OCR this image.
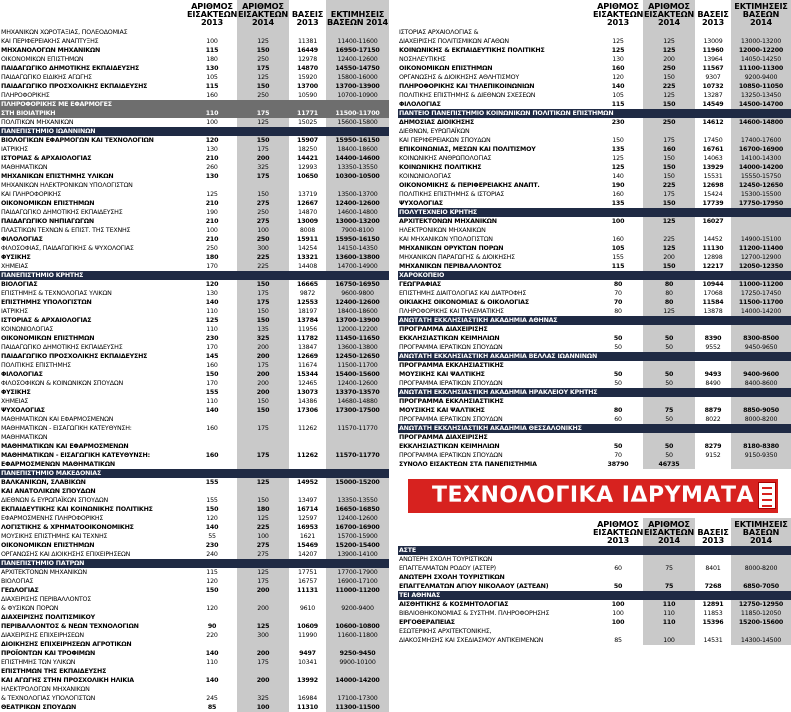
	ΑΡΙΘΜΟΣ ΕΙΣΑΚΤΕΩΝ 2013	ΑΡΙΘΜΟΣ ΕΙΣΑΚΤΕΩΝ 2014	ΒΑΣΕΙΣ 2013	ΕΚΤΙΜΗΣΕΙΣ ΒΑΣΕΩΝ 2014
ΜΗΧΑΝΙΚΩΝ ΧΩΡΟΤΑΞΙΑΣ, ΠΟΛΕΟΔΟΜΙΑΣ				
ΚΑΙ ΠΕΡΙΦΕΡΕΙΑΚΗΣ ΑΝΑΠΤΥΞΗΣ	100	125	11381	11400-11600
ΜΗΧΑΝΟΛΟΓΩΝ ΜΗΧΑΝΙΚΩΝ	115	150	16449	16950-17150
ΟΙΚΟΝΟΜΙΚΩΝ ΕΠΙΣΤΗΜΩΝ	180	250	12978	12400-12600
ΠΑΙΔΑΓΩΓΙΚΟ ΔΗΜΟΤΙΚΗΣ ΕΚΠΑΙΔΕΥΣΗΣ	130	175	14870	14550-14750
ΠΑΙΔΑΓΩΓΙΚΟ ΕΙΔΙΚΗΣ ΑΓΩΓΗΣ	105	125	15920	15800-16000
ΠΑΙΔΑΓΩΓΙΚΟ ΠΡΟΣΧΟΛΙΚΗΣ ΕΚΠΑΙΔΕΥΣΗΣ	115	150	13700	13700-13900
ΠΛΗΡΟΦΟΡΙΚΗΣ	160	250	10590	10700-10900
ΠΛΗΡΟΦΟΡΙΚΗΣ ΜΕ ΕΦΑΡΜΟΓΕΣ				
ΣΤΗ ΒΙΟΙΑΤΡΙΚΗ	110	175	11771	11500-11700
ΠΟΛΙΤΙΚΩΝ ΜΗΧΑΝΙΚΩΝ	100	125	15025	15600-15800
ΠΑΝΕΠΙΣΤΗΜΙΟ ΙΩΑΝΝΙΝΩΝ				
ΒΙΟΛΟΓΙΚΩΝ ΕΦΑΡΜΟΓΩΝ ΚΑΙ ΤΕΧΝΟΛΟΓΙΩΝ	120	150	15907	15950-16150
ΙΑΤΡΙΚΗΣ	130	175	18250	18400-18600
ΙΣΤΟΡΙΑΣ & ΑΡΧΑΙΟΛΟΓΙΑΣ	210	200	14421	14400-14600
ΜΑΘΗΜΑΤΙΚΩΝ	260	325	12993	13350-13550
ΜΗΧΑΝΙΚΩΝ ΕΠΙΣΤΗΜΗΣ ΥΛΙΚΩΝ	130	175	10650	10300-10500
ΜΗΧΑΝΙΚΩΝ ΗΛΕΚΤΡΟΝΙΚΩΝ ΥΠΟΛΟΓΙΣΤΩΝ				
ΚΑΙ ΠΛΗΡΟΦΟΡΙΚΗΣ	125	150	13719	13500-13700
ΟΙΚΟΝΟΜΙΚΩΝ ΕΠΙΣΤΗΜΩΝ	210	275	12667	12400-12600
ΠΑΙΔΑΓΩΓΙΚΟ ΔΗΜΟΤΙΚΗΣ ΕΚΠΑΙΔΕΥΣΗΣ	190	250	14870	14600-14800
ΠΑΙΔΑΓΩΓΙΚΟ ΝΗΠΙΑΓΩΓΩΝ	210	275	13009	13000-13200
ΠΛΑΣΤΙΚΩΝ ΤΕΧΝΩΝ & ΕΠΙΣΤ. ΤΗΣ ΤΕΧΝΗΣ	100	100	8008	7900-8100
ΦΙΛΟΛΟΓΙΑΣ	210	250	15911	15950-16150
ΦΙΛΟΣΟΦΙΑΣ, ΠΑΙΔΑΓΩΓΙΚΗΣ & ΨΥΧΟΛΟΓΙΑΣ	250	300	14254	14150-14350
ΦΥΣΙΚΗΣ	180	225	13321	13600-13800
ΧΗΜΕΙΑΣ	170	225	14408	14700-14900
ΠΑΝΕΠΙΣΤΗΜΙΟ ΚΡΗΤΗΣ				
ΒΙΟΛΟΓΙΑΣ	120	150	16665	16750-16950
ΕΠΙΣΤΗΜΗΣ & ΤΕΧΝΟΛΟΓΙΑΣ ΥΛΙΚΩΝ	130	175	9872	9600-9800
ΕΠΙΣΤΗΜΗΣ ΥΠΟΛΟΓΙΣΤΩΝ	140	175	12553	12400-12600
ΙΑΤΡΙΚΗΣ	110	150	18197	18400-18600
ΙΣΤΟΡΙΑΣ & ΑΡΧΑΙΟΛΟΓΙΑΣ	125	150	13784	13700-13900
ΚΟΙΝΩΝΙΟΛΟΓΙΑΣ	110	135	11956	12000-12200
ΟΙΚΟΝΟΜΙΚΩΝ ΕΠΙΣΤΗΜΩΝ	230	325	11782	11450-11650
ΠΑΙΔΑΓΩΓΙΚΟ ΔΗΜΟΤΙΚΗΣ ΕΚΠΑΙΔΕΥΣΗΣ	170	200	13847	13600-13800
ΠΑΙΔΑΓΩΓΙΚΟ ΠΡΟΣΧΟΛΙΚΗΣ ΕΚΠΑΙΔΕΥΣΗΣ	145	200	12669	12450-12650
ΠΟΛΙΤΙΚΗΣ ΕΠΙΣΤΗΜΗΣ	160	175	11674	11500-11700
ΦΙΛΟΛΟΓΙΑΣ	150	200	15344	15400-15600
ΦΙΛΟΣΟΦΙΚΩΝ & ΚΟΙΝΩΝΙΚΩΝ ΣΠΟΥΔΩΝ	170	200	12465	12400-12600
ΦΥΣΙΚΗΣ	155	200	13073	13370-13570
ΧΗΜΕΙΑΣ	110	150	14386	14680-14880
ΨΥΧΟΛΟΓΙΑΣ	140	150	17306	17300-17500
ΜΑΘΗΜΑΤΙΚΩΝ ΚΑΙ ΕΦΑΡΜΟΣΜΕΝΩΝ				
ΜΑΘΗΜΑΤΙΚΩΝ - ΕΙΣΑΓΩΓΙΚΗ ΚΑΤΕΥΘΥΝΣΗ:	160	175	11262	11570-11770
ΜΑΘΗΜΑΤΙΚΩΝ				
ΜΑΘΗΜΑΤΙΚΩΝ ΚΑΙ ΕΦΑΡΜΟΣΜΕΝΩΝ				
ΜΑΘΗΜΑΤΙΚΩΝ - ΕΙΣΑΓΩΓΙΚΗ ΚΑΤΕΥΘΥΝΣΗ:	160	175	11262	11570-11770
ΕΦΑΡΜΟΣΜΕΝΩΝ ΜΑΘΗΜΑΤΙΚΩΝ				
ΠΑΝΕΠΙΣΤΗΜΙΟ ΜΑΚΕΔΟΝΙΑΣ				
ΒΑΛΚΑΝΙΚΩΝ, ΣΛΑΒΙΚΩΝ	155	125	14952	15000-15200
ΚΑΙ ΑΝΑΤΟΛΙΚΩΝ ΣΠΟΥΔΩΝ				
ΔΙΕΘΝΩΝ & ΕΥΡΩΠΑΪΚΩΝ ΣΠΟΥΔΩΝ	155	150	13497	13350-13550
ΕΚΠΑΙΔΕΥΤΙΚΗΣ ΚΑΙ ΚΟΙΝΩΝΙΚΗΣ ΠΟΛΙΤΙΚΗΣ	150	180	16714	16650-16850
ΕΦΑΡΜΟΣΜΕΝΗΣ ΠΛΗΡΟΦΟΡΙΚΗΣ	120	125	12597	12400-12600
ΛΟΓΙΣΤΙΚΗΣ & ΧΡΗΜΑΤΟΟΙΚΟΝΟΜΙΚΗΣ	140	225	16953	16700-16900
ΜΟΥΣΙΚΗΣ ΕΠΙΣΤΗΜΗΣ ΚΑΙ ΤΕΧΝΗΣ	55	100	1621	15700-15900
ΟΙΚΟΝΟΜΙΚΩΝ ΕΠΙΣΤΗΜΩΝ	230	275	15469	15200-15400
ΟΡΓΑΝΩΣΗΣ ΚΑΙ ΔΙΟΙΚΗΣΗΣ ΕΠΙΧΕΙΡΗΣΕΩΝ	240	275	14207	13900-14100
ΠΑΝΕΠΙΣΤΗΜΙΟ ΠΑΤΡΩΝ				
ΑΡΧΙΤΕΚΤΟΝΩΝ ΜΗΧΑΝΙΚΩΝ	115	125	17751	17700-17900
ΒΙΟΛΟΓΙΑΣ	120	175	16757	16900-17100
ΓΕΩΛΟΓΙΑΣ	150	200	11131	11000-11200
ΔΙΑΧΕΙΡΙΣΗΣ ΠΕΡΙΒΑΛΛΟΝΤΟΣ				
& ΦΥΣΙΚΩΝ ΠΟΡΩΝ	120	200	9610	9200-9400
ΔΙΑΧΕΙΡΙΣΗΣ ΠΟΛΙΤΙΣΜΙΚΟΥ				
ΠΕΡΙΒΑΛΛΟΝΤΟΣ & ΝΕΩΝ ΤΕΧΝΟΛΟΓΙΩΝ	90	125	10609	10600-10800
ΔΙΑΧΕΙΡΙΣΗΣ ΕΠΙΧΕΙΡΗΣΕΩΝ	220	300	11990	11600-11800
ΔΙΟΙΚΗΣΗΣ ΕΠΙΧΕΙΡΗΣΕΩΝ ΑΓΡΟΤΙΚΩΝ				
ΠΡΟΪΟΝΤΩΝ ΚΑΙ ΤΡΟΦΙΜΩΝ	140	200	9497	9250-9450
ΕΠΙΣΤΗΜΗΣ ΤΩΝ ΥΛΙΚΩΝ	110	175	10341	9900-10100
ΕΠΙΣΤΗΜΩΝ ΤΗΣ ΕΚΠΑΙΔΕΥΣΗΣ				
ΚΑΙ ΑΓΩΓΗΣ ΣΤΗΝ ΠΡΟΣΧΟΛΙΚΗ ΗΛΙΚΙΑ	140	200	13992	14000-14200
ΗΛΕΚΤΡΟΛΟΓΩΝ ΜΗΧΑΝΙΚΩΝ				
& ΤΕΧΝΟΛΟΓΙΑΣ ΥΠΟΛΟΓΙΣΤΩΝ	245	325	16984	17100-17300
ΘΕΑΤΡΙΚΩΝ ΣΠΟΥΔΩΝ	85	100	11310	11300-11500
	ΑΡΙΘΜΟΣ ΕΙΣΑΚΤΕΩΝ 2013	ΑΡΙΘΜΟΣ ΕΙΣΑΚΤΕΩΝ 2014	ΒΑΣΕΙΣ 2013	ΕΚΤΙΜΗΣΕΙΣ ΒΑΣΕΩΝ 2014
ΙΣΤΟΡΙΑΣ ΑΡΧΑΙΟΛΟΓΙΑΣ &				
ΔΙΑΧΕΙΡΙΣΗΣ ΠΟΛΙΤΙΣΜΙΚΩΝ ΑΓΑΘΩΝ	125	125	13009	13000-13200
ΚΟΙΝΩΝΙΚΗΣ & ΕΚΠΑΙΔΕΥΤΙΚΗΣ ΠΟΛΙΤΙΚΗΣ	125	125	11960	12000-12200
ΝΟΣΗΛΕΥΤΙΚΗΣ	130	200	13964	14050-14250
ΟΙΚΟΝΟΜΙΚΩΝ ΕΠΙΣΤΗΜΩΝ	160	250	11567	11100-11300
ΟΡΓΑΝΩΣΗΣ & ΔΙΟΙΚΗΣΗΣ ΑΘΛΗΤΙΣΜΟΥ	120	150	9307	9200-9400
ΠΛΗΡΟΦΟΡΙΚΗΣ ΚΑΙ ΤΗΛΕΠΙΚΟΙΝΩΝΙΩΝ	140	225	10732	10850-11050
ΠΟΛΙΤΙΚΗΣ ΕΠΙΣΤΗΜΗΣ & ΔΙΕΘΝΩΝ ΣΧΕΣΕΩΝ	105	125	13287	13250-13450
ΦΙΛΟΛΟΓΙΑΣ	115	150	14549	14500-14700
ΠΑΝΤΕΙΟ ΠΑΝΕΠΙΣΤΗΜΙΟ ΚΟΙΝΩΝΙΚΩΝ ΠΟΛΙΤΙΚΩΝ ΕΠΙΣΤΗΜΩΝ				
ΔΗΜΟΣΙΑΣ ΔΙΟΙΚΗΣΗΣ	230	250	14612	14600-14800
ΔΙΕΘΝΩΝ, ΕΥΡΩΠΑΪΚΩΝ				
ΚΑΙ ΠΕΡΙΦΕΡΕΙΑΚΩΝ ΣΠΟΥΔΩΝ	150	175	17450	17400-17600
ΕΠΙΚΟΙΝΩΝΙΑΣ, ΜΕΣΩΝ ΚΑΙ ΠΟΛΙΤΙΣΜΟΥ	135	160	16761	16700-16900
ΚΟΙΝΩΝΙΚΗΣ ΑΝΘΡΩΠΟΛΟΓΙΑΣ	125	150	14063	14100-14300
ΚΟΙΝΩΝΙΚΗΣ ΠΟΛΙΤΙΚΗΣ	125	150	13929	14000-14200
ΚΟΙΝΩΝΙΟΛΟΓΙΑΣ	140	150	15531	15550-15750
ΟΙΚΟΝΟΜΙΚΗΣ & ΠΕΡΙΦΕΡΕΙΑΚΗΣ ΑΝΑΠΤ.	190	225	12698	12450-12650
ΠΟΛΙΤΙΚΗΣ ΕΠΙΣΤΗΜΗΣ & ΙΣΤΟΡΙΑΣ	160	175	15424	15300-15500
ΨΥΧΟΛΟΓΙΑΣ	135	150	17739	17750-17950
ΠΟΛΥΤΕΧΝΕΙΟ ΚΡΗΤΗΣ				
ΑΡΧΙΤΕΚΤΟΝΩΝ ΜΗΧΑΝΙΚΩΝ	100	125	16027	
ΗΛΕΚΤΡΟΝΙΚΩΝ ΜΗΧΑΝΙΚΩΝ				
ΚΑΙ ΜΗΧΑΝΙΚΩΝ ΥΠΟΛΟΓΙΣΤΩΝ	160	225	14452	14900-15100
ΜΗΧΑΝΙΚΩΝ ΟΡΥΚΤΩΝ ΠΟΡΩΝ	105	125	11130	11200-11400
ΜΗΧΑΝΙΚΩΝ ΠΑΡΑΓΩΓΗΣ & ΔΙΟΙΚΗΣΗΣ	155	200	12898	12700-12900
ΜΗΧΑΝΙΚΩΝ ΠΕΡΙΒΑΛΛΟΝΤΟΣ	115	150	12217	12050-12350
ΧΑΡΟΚΟΠΕΙΟ				
ΓΕΩΓΡΑΦΙΑΣ	80	80	10944	11000-11200
ΕΠΙΣΤΗΜΗΣ ΔΙΑΙΤΟΛΟΓΙΑΣ ΚΑΙ ΔΙΑΤΡΟΦΗΣ	70	80	17068	17250-17450
ΟΙΚΙΑΚΗΣ ΟΙΚΟΝΟΜΙΑΣ & ΟΙΚΟΛΟΓΙΑΣ	70	80	11584	11500-11700
ΠΛΗΡΟΦΟΡΙΚΗΣ ΚΑΙ ΤΗΛΕΜΑΤΙΚΗΣ	80	125	13878	14000-14200
ΑΝΩΤΑΤΗ ΕΚΚΛΗΣΙΑΣΤΙΚΗ ΑΚΑΔΗΜΙΑ ΑΘΗΝΑΣ				
ΠΡΟΓΡΑΜΜΑ ΔΙΑΧΕΙΡΙΣΗΣ				
ΕΚΚΛΗΣΙΑΣΤΙΚΩΝ ΚΕΙΜΗΛΙΩΝ	50	50	8390	8300-8500
ΠΡΟΓΡΑΜΜΑ ΙΕΡΑΤΙΚΩΝ ΣΠΟΥΔΩΝ	50	50	9552	9450-9650
ΑΝΩΤΑΤΗ ΕΚΚΛΗΣΙΑΣΤΙΚΗ ΑΚΑΔΗΜΙΑ ΒΕΛΛΑΣ ΙΩΑΝΝΙΝΩΝ				
ΠΡΟΓΡΑΜΜΑ ΕΚΚΛΗΣΙΑΣΤΙΚΗΣ				
ΜΟΥΣΙΚΗΣ ΚΑΙ ΨΑΛΤΙΚΗΣ	50	50	9493	9400-9600
ΠΡΟΓΡΑΜΜΑ ΙΕΡΑΤΙΚΩΝ ΣΠΟΥΔΩΝ	50	50	8490	8400-8600
ΑΝΩΤΑΤΗ ΕΚΚΛΗΣΙΑΣΤΙΚΗ ΑΚΑΔΗΜΙΑ ΗΡΑΚΛΕΙΟΥ ΚΡΗΤΗΣ				
ΠΡΟΓΡΑΜΜΑ ΕΚΚΛΗΣΙΑΣΤΙΚΗΣ				
ΜΟΥΣΙΚΗΣ ΚΑΙ ΨΑΛΤΙΚΗΣ	80	75	8879	8850-9050
ΠΡΟΓΡΑΜΜΑ ΙΕΡΑΤΙΚΩΝ ΣΠΟΥΔΩΝ	60	50	8022	8000-8200
ΑΝΩΤΑΤΗ ΕΚΚΛΗΣΙΑΣΤΙΚΗ ΑΚΑΔΗΜΙΑ ΘΕΣΣΑΛΟΝΙΚΗΣ				
ΠΡΟΓΡΑΜΜΑ ΔΙΑΧΕΙΡΙΣΗΣ				
ΕΚΚΛΗΣΙΑΣΤΙΚΩΝ ΚΕΙΜΗΛΙΩΝ	50	50	8279	8180-8380
ΠΡΟΓΡΑΜΜΑ ΙΕΡΑΤΙΚΩΝ ΣΠΟΥΔΩΝ	70	50	9152	9150-9350
ΣΥΝΟΛΟ ΕΙΣΑΚΤΕΩΝ ΣΤΑ ΠΑΝΕΠΙΣΤΗΜΙΑ	38790	46735		
ΤΕΧΝΟΛΟΓΙΚΑ ΙΔΡΥΜΑΤΑ
	ΑΡΙΘΜΟΣ ΕΙΣΑΚΤΕΩΝ 2013	ΑΡΙΘΜΟΣ ΕΙΣΑΚΤΕΩΝ 2014	ΒΑΣΕΙΣ 2013	ΕΚΤΙΜΗΣΕΙΣ ΒΑΣΕΩΝ 2014
ΑΣΤΕ				
ΑΝΩΤΕΡΗ ΣΧΟΛΗ ΤΟΥΡΙΣΤΙΚΩΝ				
ΕΠΑΓΓΕΛΜΑΤΩΝ ΡΟΔΟΥ (ΑΣΤΕΡ)	60	75	8401	8000-8200
ΑΝΩΤΕΡΗ ΣΧΟΛΗ ΤΟΥΡΙΣΤΙΚΩΝ				
ΕΠΑΓΓΕΛΜΑΤΩΝ ΑΓΙΟΥ ΝΙΚΟΛΑΟΥ (ΑΣΤΕΑΝ)	50	75	7268	6850-7050
ΤΕΙ ΑΘΗΝΑΣ				
ΑΙΣΘΗΤΙΚΗΣ & ΚΟΣΜΗΤΟΛΟΓΙΑΣ	100	110	12891	12750-12950
ΒΙΒΛΙΟΘΗΚΟΝΟΜΙΑΣ & ΣΥΣΤΗΜ. ΠΛΗΡΟΦΟΡΗΣΗΣ	100	110	11853	11850-12050
ΕΡΓΟΘΕΡΑΠΕΙΑΣ	100	110	15396	15200-15600
ΕΣΩΤΕΡΙΚΗΣ ΑΡΧΙΤΕΚΤΟΝΙΚΗΣ,				
ΔΙΑΚΟΣΜΗΣΗΣ ΚΑΙ ΣΧΕΔΙΑΣΜΟΥ ΑΝΤΙΚΕΙΜΕΝΩΝ	85	100	14531	14300-14500
